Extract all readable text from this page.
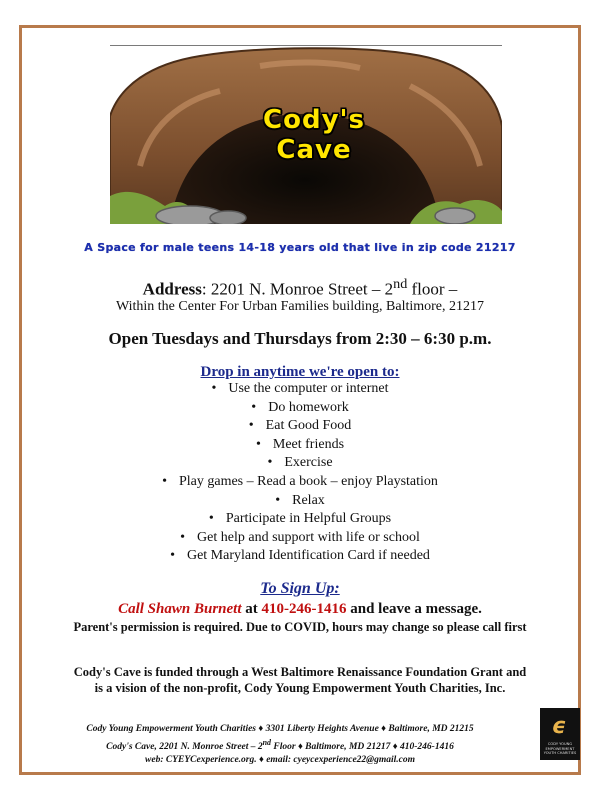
Cody's
Cave
A Space for male teens 14-18 years old that live in zip code 21217
Address: 2201 N. Monroe Street – 2nd floor –
Within the Center For Urban Families building, Baltimore, 21217
Open Tuesdays and Thursdays from 2:30 – 6:30 p.m.
Drop in anytime we're open to:
• Use the computer or internet
• Do homework
• Eat Good Food
• Meet friends
• Exercise
• Play games – Read a book – enjoy Playstation
• Relax
• Participate in Helpful Groups
• Get help and support with life or school
• Get Maryland Identification Card if needed
To Sign Up:
Call Shawn Burnett at 410-246-1416 and leave a message.
Parent's permission is required. Due to COVID, hours may change so please call first
Cody's Cave is funded through a West Baltimore Renaissance Foundation Grant and
is a vision of the non-profit, Cody Young Empowerment Youth Charities, Inc.
Cody Young Empowerment Youth Charities ♦ 3301 Liberty Heights Avenue ♦ Baltimore, MD 21215
Cody's Cave, 2201 N. Monroe Street – 2nd Floor ♦ Baltimore, MD 21217 ♦ 410-246-1416
web: CYEYCexperience.org. ♦ email: cyeycexperience22@gmail.com
ϵ
CODY YOUNG EMPOWERMENT YOUTH CHARITIES
